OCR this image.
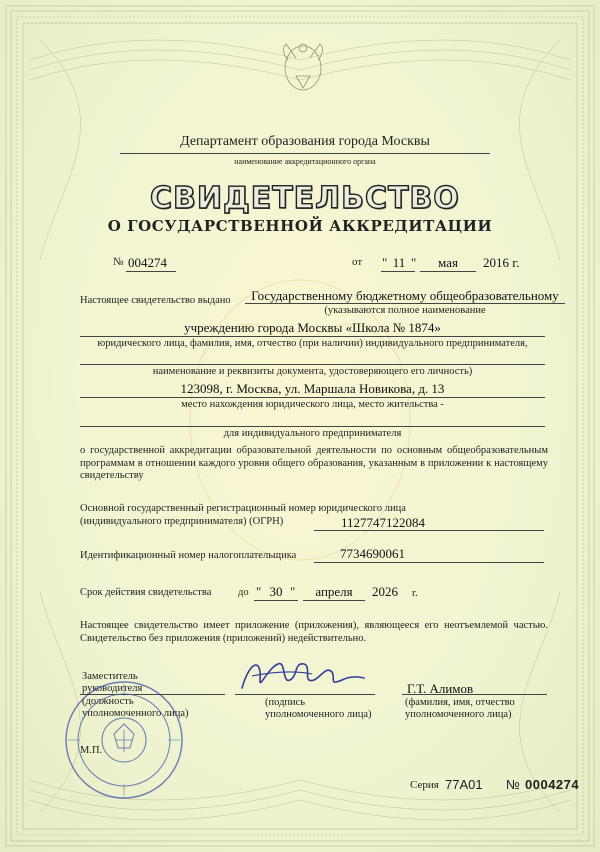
Департамент образования города Москвы
наименование аккредитационного органа
СВИДЕТЕЛЬСТВО
О ГОСУДАРСТВЕННОЙ АККРЕДИТАЦИИ
№ 004274	от " 11 "	мая	2016 г.
Настоящее свидетельство выдано	Государственному бюджетному общеобразовательному
(указываются полное наименование
учреждению города Москвы «Школа № 1874»
юридического лица, фамилия, имя, отчество (при наличии) индивидуального предпринимателя,
наименование и реквизиты документа, удостоверяющего его личность)
123098, г. Москва, ул. Маршала Новикова, д. 13
место нахождения юридического лица, место жительства -
для индивидуального предпринимателя
о государственной аккредитации образовательной деятельности по основным общеобразовательным программам в отношении каждого уровня общего образования, указанным в приложении к настоящему свидетельству
Основной государственный регистрационный номер юридического лица
(индивидуального предпринимателя) (ОГРН)	1127747122084
Идентификационный номер налогоплательщика	7734690061
Срок действия свидетельства	до " 30 "	апреля	2026 г.
Настоящее свидетельство имеет приложение (приложения), являющееся его неотъемлемой частью. Свидетельство без приложения (приложений) недействительно.
Заместитель
руководителя
(должность
уполномоченного лица)
(подпись
уполномоченного лица)
Г.Т. Алимов
(фамилия, имя, отчество
уполномоченного лица)
М.П.
Серия 77А01 № 0004274
